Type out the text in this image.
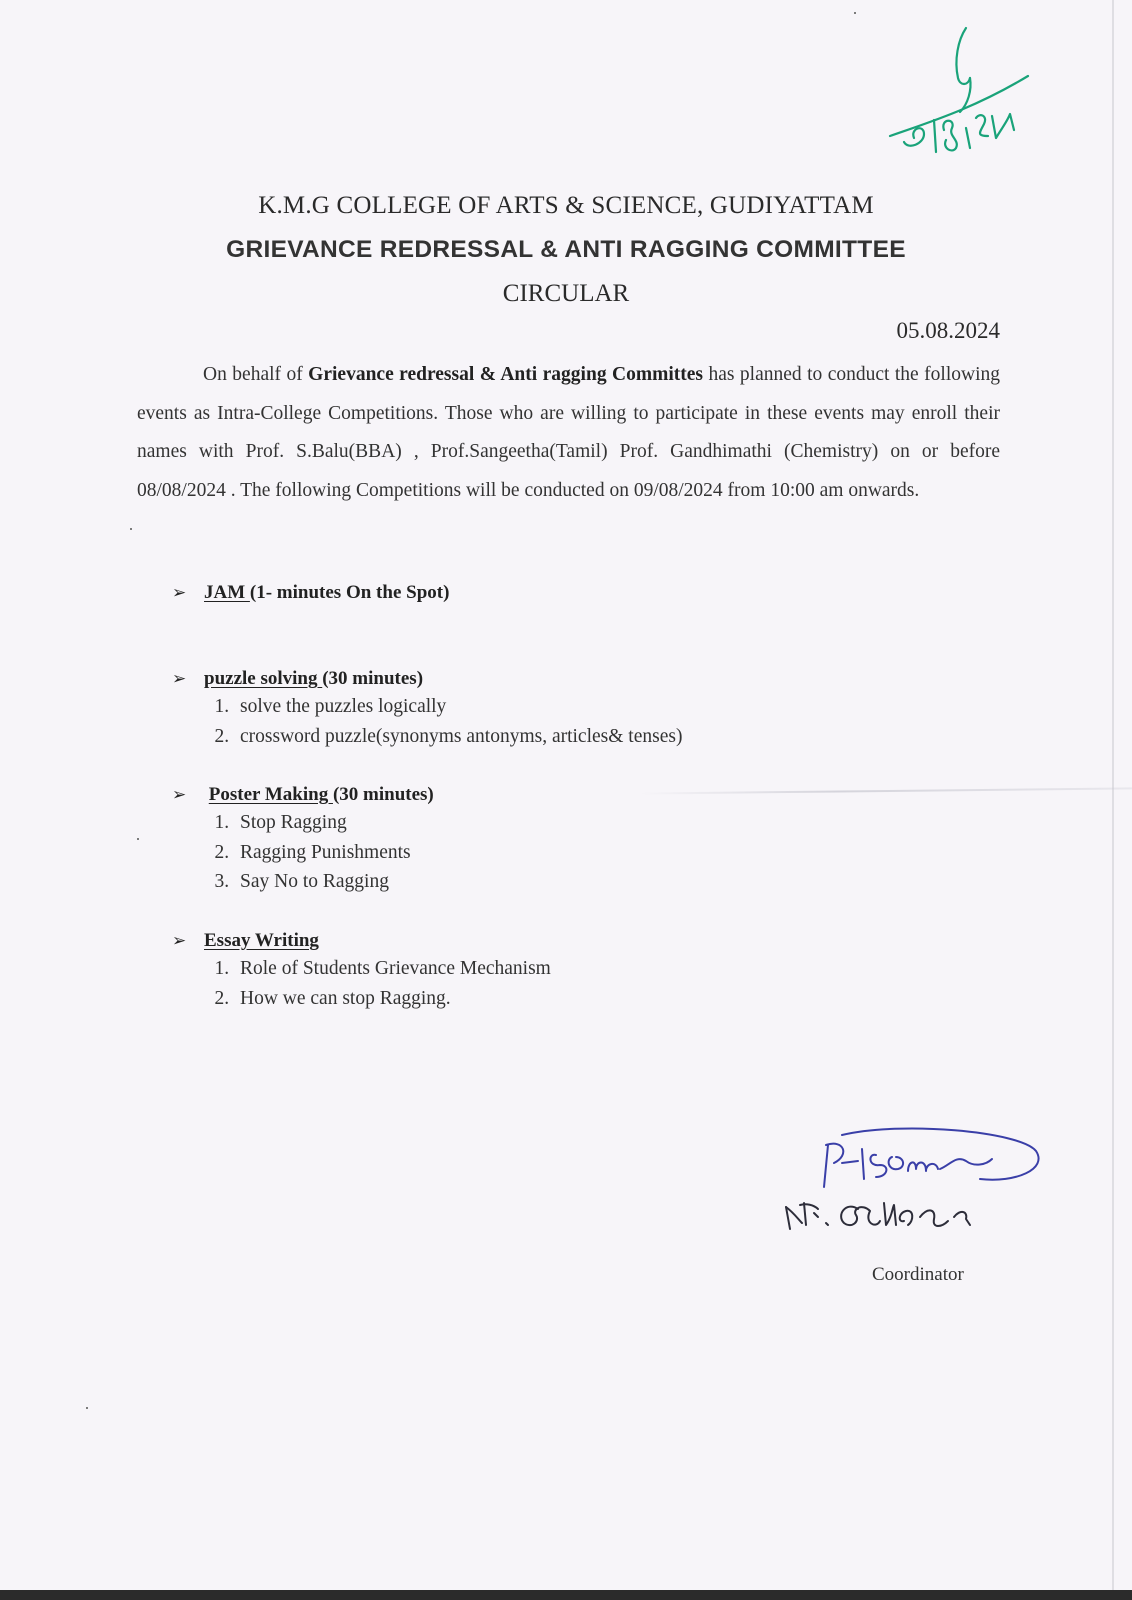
K.M.G COLLEGE OF ARTS & SCIENCE, GUDIYATTAM
GRIEVANCE REDRESSAL & ANTI RAGGING COMMITTEE
CIRCULAR
05.08.2024
On behalf of Grievance redressal & Anti ragging Committes has planned to conduct the following events as Intra-College Competitions. Those who are willing to participate in these events may enroll their names with Prof. S.Balu(BBA) , Prof.Sangeetha(Tamil) Prof. Gandhimathi (Chemistry) on or before 08/08/2024 . The following Competitions will be conducted on 09/08/2024 from 10:00 am onwards.
➢ JAM (1- minutes On the Spot)
➢ puzzle solving (30 minutes)
1. solve the puzzles logically
2. crossword puzzle(synonyms antonyms, articles& tenses)
➢ Poster Making (30 minutes)
1. Stop Ragging
2. Ragging Punishments
3. Say No to Ragging
➢ Essay Writing
1. Role of Students Grievance Mechanism
2. How we can stop Ragging.
Coordinator
